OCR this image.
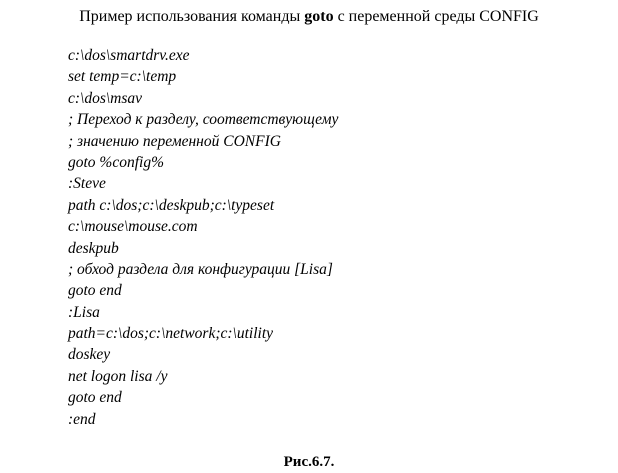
Пример использования команды goto с переменной среды CONFIG
c:\dos\smartdrv.exe
set temp=c:\temp
c:\dos\msav
; Переход к разделу, соответствующему
; значению переменной CONFIG
goto %config%
:Steve
path c:\dos;c:\deskpub;c:\typeset
c:\mouse\mouse.com
deskpub
; обход раздела для конфигурации [Lisa]
goto end
:Lisa
path=c:\dos;c:\network;c:\utility
doskey
net logon lisa /y
goto end
:end
Рис.6.7.
